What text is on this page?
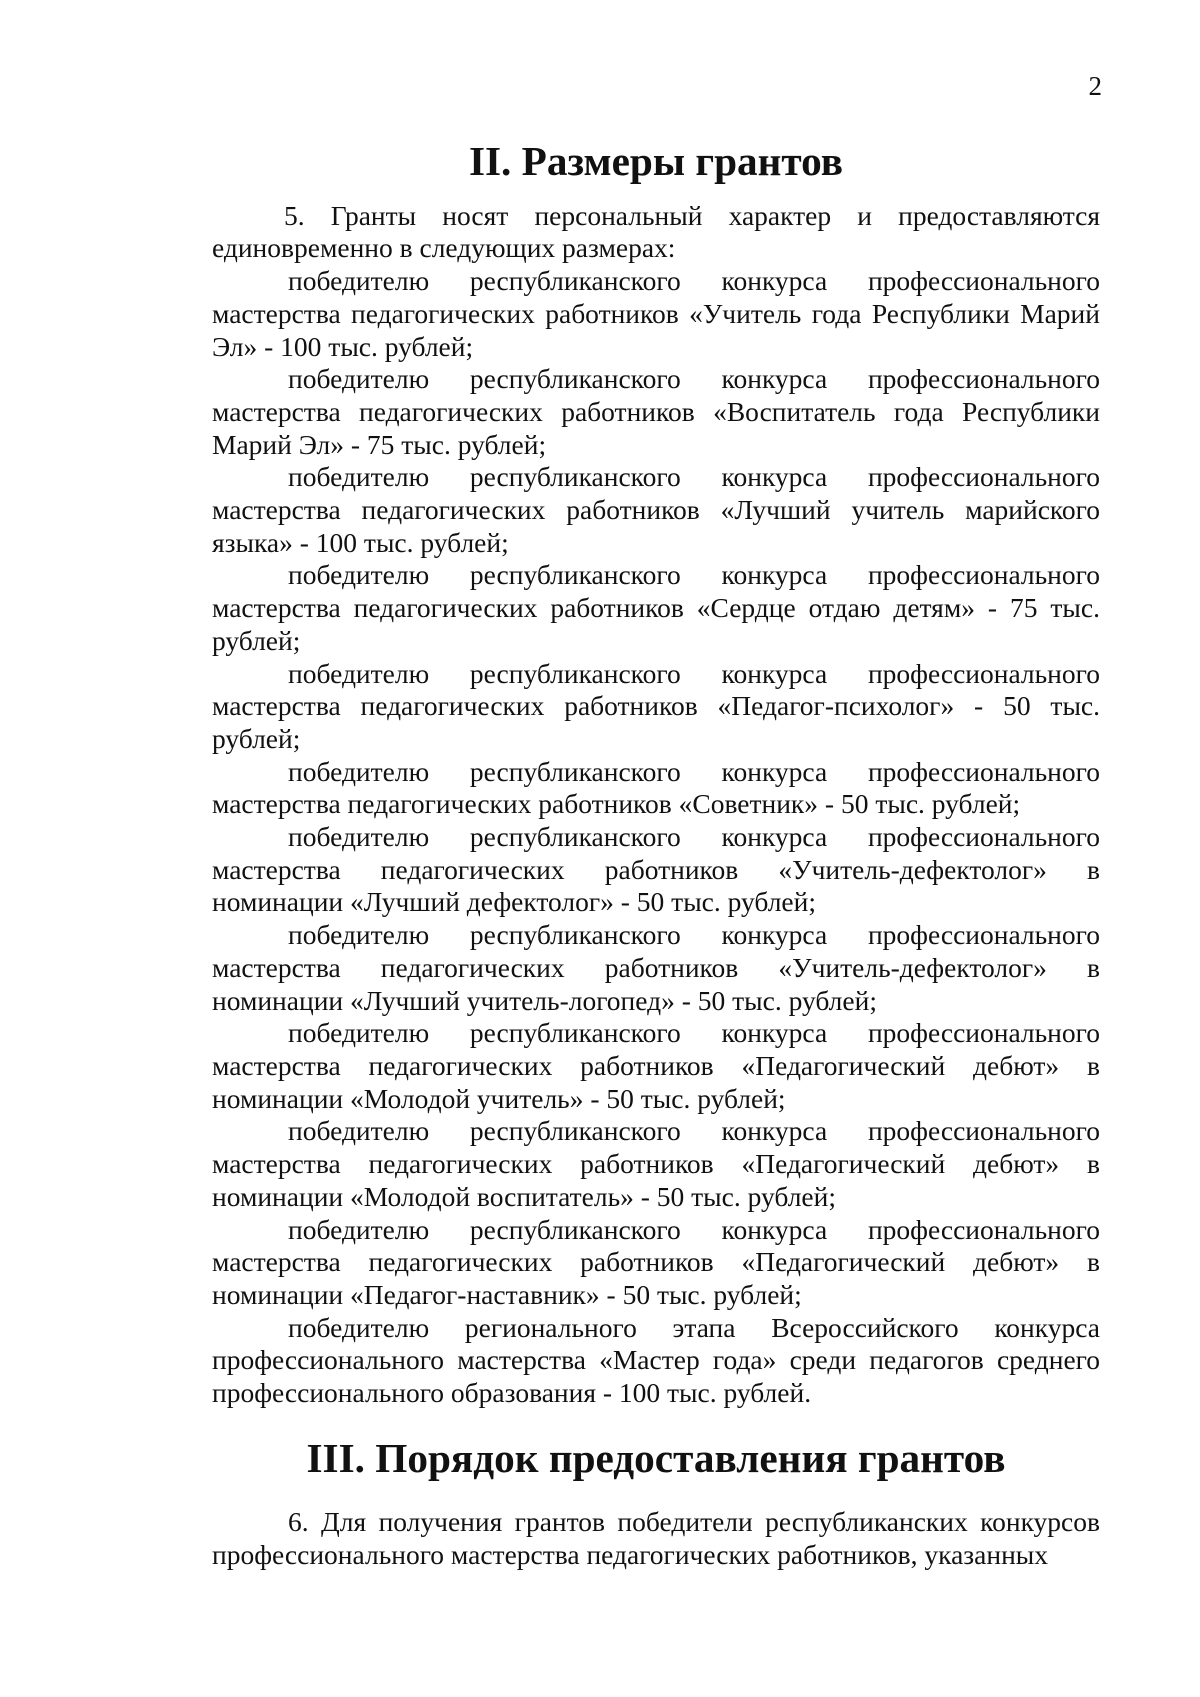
2
II. Размеры грантов

5. Гранты носят персональный характер и предоставляются единовременно в следующих размерах:

победителю республиканского конкурса профессионального мастерства педагогических работников «Учитель года Республики Марий Эл» - 100 тыс. рублей;

победителю республиканского конкурса профессионального мастерства педагогических работников «Воспитатель года Республики Марий Эл» - 75 тыс. рублей;

победителю республиканского конкурса профессионального мастерства педагогических работников «Лучший учитель марийского языка» - 100 тыс. рублей;

победителю республиканского конкурса профессионального мастерства педагогических работников «Сердце отдаю детям» - 75 тыс. рублей;

победителю республиканского конкурса профессионального мастерства педагогических работников «Педагог-психолог» - 50 тыс. рублей;

победителю республиканского конкурса профессионального мастерства педагогических работников «Советник» - 50 тыс. рублей;

победителю республиканского конкурса профессионального мастерства педагогических работников «Учитель-дефектолог» в номинации «Лучший дефектолог» - 50 тыс. рублей;

победителю республиканского конкурса профессионального мастерства педагогических работников «Учитель-дефектолог» в номинации «Лучший учитель-логопед» - 50 тыс. рублей;

победителю республиканского конкурса профессионального мастерства педагогических работников «Педагогический дебют» в номинации «Молодой учитель» - 50 тыс. рублей;

победителю республиканского конкурса профессионального мастерства педагогических работников «Педагогический дебют» в номинации «Молодой воспитатель» - 50 тыс. рублей;

победителю республиканского конкурса профессионального мастерства педагогических работников «Педагогический дебют» в номинации «Педагог-наставник» - 50 тыс. рублей;

победителю регионального этапа Всероссийского конкурса профессионального мастерства «Мастер года» среди педагогов среднего профессионального образования - 100 тыс. рублей.

III. Порядок предоставления грантов

6. Для получения грантов победители республиканских конкурсов профессионального мастерства педагогических работников, указанных
